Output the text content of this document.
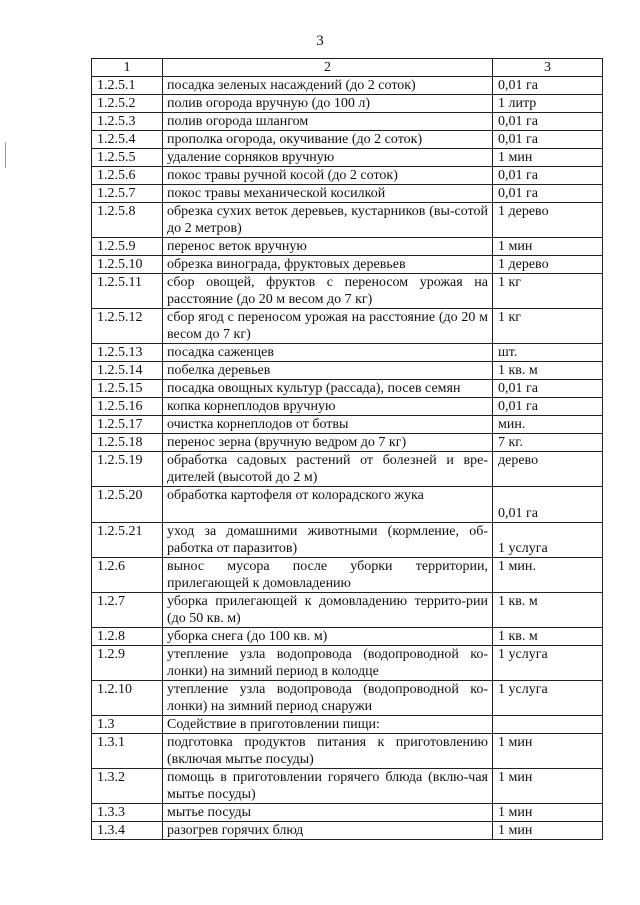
3
1	2	3
1.2.5.1	посадка зеленых насаждений (до 2 соток)	0,01 га
1.2.5.2	полив огорода вручную (до 100 л)	1 литр
1.2.5.3	полив огорода шлангом	0,01 га
1.2.5.4	прополка огорода, окучивание (до 2 соток)	0,01 га
1.2.5.5	удаление сорняков вручную	1 мин
1.2.5.6	покос травы ручной косой (до 2 соток)	0,01 га
1.2.5.7	покос травы механической косилкой	0,01 га
1.2.5.8	обрезка сухих веток деревьев, кустарников (вы-сотой до 2 метров)	1 дерево
1.2.5.9	перенос веток вручную	1 мин
1.2.5.10	обрезка винограда, фруктовых деревьев	1 дерево
1.2.5.11	сбор овощей, фруктов с переносом урожая на расстояние (до 20 м весом до 7 кг)	1 кг
1.2.5.12	сбор ягод с переносом урожая на расстояние (до 20 м весом до 7 кг)	1 кг
1.2.5.13	посадка саженцев	шт.
1.2.5.14	побелка деревьев	1 кв. м
1.2.5.15	посадка овощных культур (рассада), посев семян	0,01 га
1.2.5.16	копка корнеплодов вручную	0,01 га
1.2.5.17	очистка корнеплодов от ботвы	мин.
1.2.5.18	перенос зерна (вручную ведром до 7 кг)	7 кг.
1.2.5.19	обработка садовых растений от болезней и вре-дителей (высотой до 2 м)	дерево
1.2.5.20	обработка картофеля от колорадского жука	0,01 га
1.2.5.21	уход за домашними животными (кормление, об-работка от паразитов)	1 услуга
1.2.6	вынос мусора после уборки территории, прилегающей к домовладению	1 мин.
1.2.7	уборка прилегающей к домовладению террито-рии (до 50 кв. м)	1 кв. м
1.2.8	уборка снега (до 100 кв. м)	1 кв. м
1.2.9	утепление узла водопровода (водопроводной ко-лонки) на зимний период в колодце	1 услуга
1.2.10	утепление узла водопровода (водопроводной ко-лонки) на зимний период снаружи	1 услуга
1.3	Содействие в приготовлении пищи:	
1.3.1	подготовка продуктов питания к приготовлению (включая мытье посуды)	1 мин
1.3.2	помощь в приготовлении горячего блюда (вклю-чая мытье посуды)	1 мин
1.3.3	мытье посуды	1 мин
1.3.4	разогрев горячих блюд	1 мин
